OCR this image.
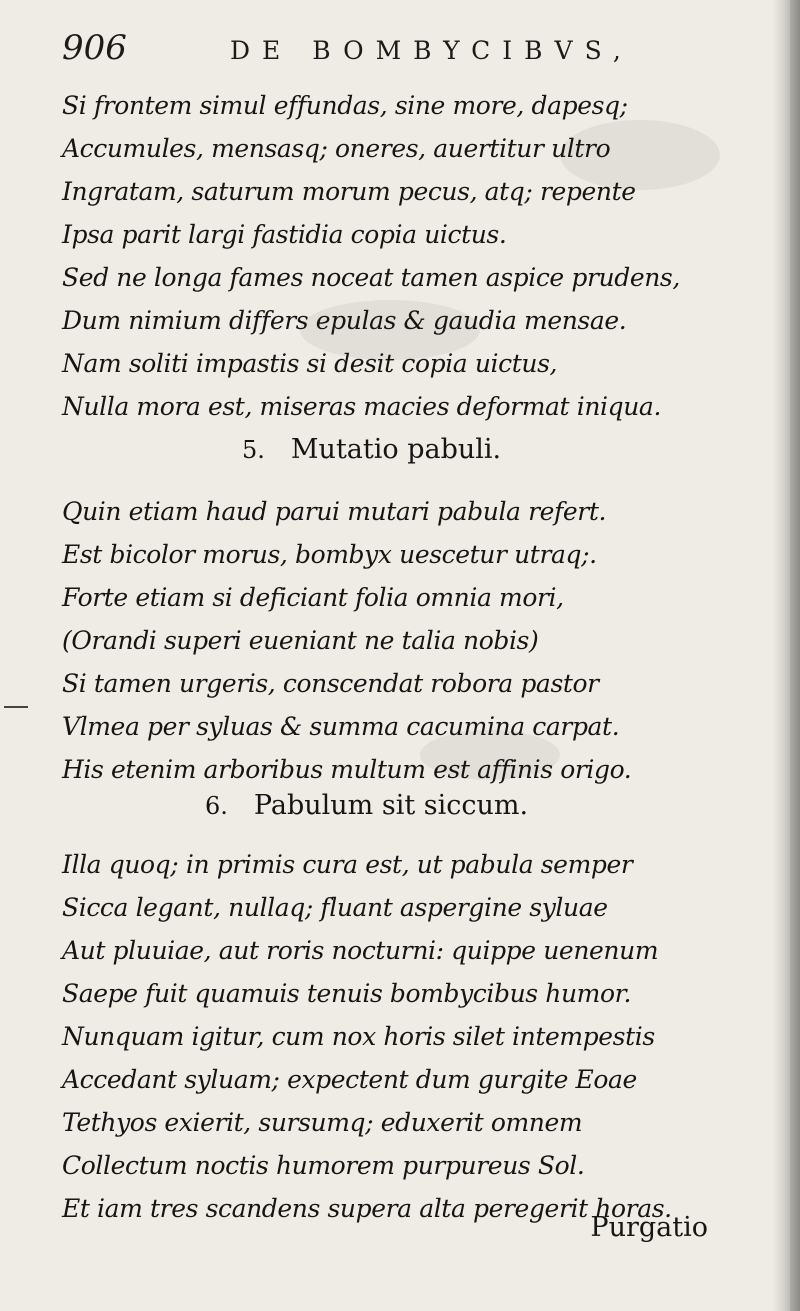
906	DE BOMBYCIBVS,
Si frontem simul effundas, sine more, dapesq;
Accumules, mensasq; oneres, auertitur ultro
Ingratam, saturum morum pecus, atq; repente
Ipsa parit largi fastidia copia uictus.
Sed ne longa fames noceat tamen aspice prudens,
Dum nimium differs epulas & gaudia mensae.
Nam soliti impastis si desit copia uictus,
Nulla mora est, miseras macies deformat iniqua.
5. Mutatio pabuli.
Quin etiam haud parui mutari pabula refert.
Est bicolor morus, bombyx uescetur utraq;.
Forte etiam si deficiant folia omnia mori,
(Orandi superi eueniant ne talia nobis)
Si tamen urgeris, conscendat robora pastor
Vlmea per syluas & summa cacumina carpat.
His etenim arboribus multum est affinis origo.
6. Pabulum sit siccum.
Illa quoq; in primis cura est, ut pabula semper
Sicca legant, nullaq; fluant aspergine syluae
Aut pluuiae, aut roris nocturni: quippe uenenum
Saepe fuit quamuis tenuis bombycibus humor.
Nunquam igitur, cum nox horis silet intempestis
Accedant syluam; expectent dum gurgite Eoae
Tethyos exierit, sursumq; eduxerit omnem
Collectum noctis humorem purpureus Sol.
Et iam tres scandens supera alta peregerit horas.
Purgatio
